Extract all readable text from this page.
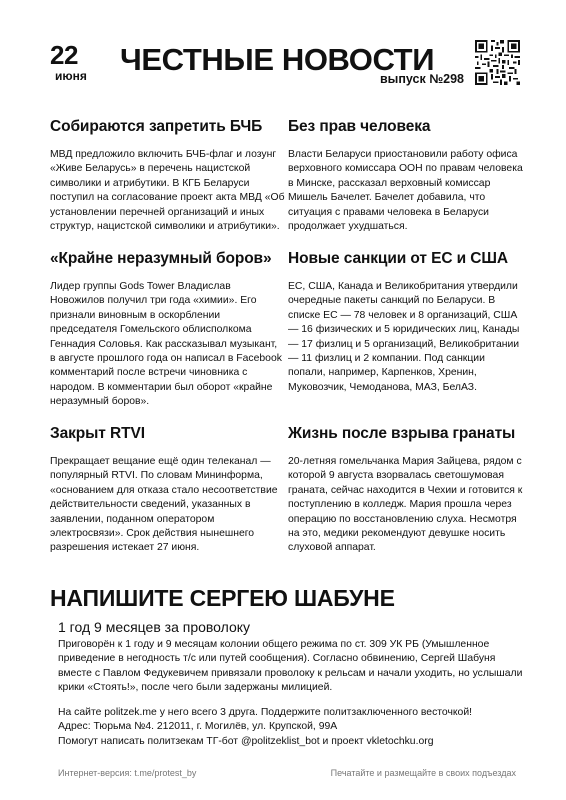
22
июня ЧЕСТНЫЕ НОВОСТИ
выпуск №298
Собираются запретить БЧБ

МВД предложило включить БЧБ-флаг и лозунг «Живе Беларусь» в перечень нацистской символики и атрибутики. В КГБ Беларуси поступил на согласование проект акта МВД «Об установлении перечней организаций и иных структур, нацистской символики и атрибутики».

Без прав человека

Власти Беларуси приостановили работу офиса верховного комиссара ООН по правам человека в Минске, рассказал верховный комиссар Мишель Бачелет. Бачелет добавила, что ситуация с правами человека в Беларуси продолжает ухудшаться.

«Крайне неразумный боров»

Лидер группы Gods Tower Владислав Новожилов получил три года «химии». Его признали виновным в оскорблении председателя Гомельского облисполкома Геннадия Соловья. Как рассказывал музыкант, в августе прошлого года он написал в Facebook комментарий после встречи чиновника с народом. В комментарии был оборот «крайне неразумный боров».

Новые санкции от ЕС и США

ЕС, США, Канада и Великобритания утвердили очередные пакеты санкций по Беларуси. В списке ЕС — 78 человек и 8 организаций, США — 16 физических и 5 юридических лиц, Канады — 17 физлиц и 5 организаций, Великобритании — 11 физлиц и 2 компании. Под санкции попали, например, Карпенков, Хренин, Муковозчик, Чемоданова, МАЗ, БелАЗ.

Закрыт RTVI

Прекращает вещание ещё один телеканал — популярный RTVI. По словам Мининформа, «основанием для отказа стало несоответствие действительности сведений, указанных в заявлении, поданном оператором электросвязи». Срок действия нынешнего разрешения истекает 27 июня.

Жизнь после взрыва гранаты

20-летняя гомельчанка Мария Зайцева, рядом с которой 9 августа взорвалась светошумовая граната, сейчас находится в Чехии и готовится к поступлению в колледж. Мария прошла через операцию по восстановлению слуха. Несмотря на это, медики рекомендуют девушке носить слуховой аппарат.

НАПИШИТЕ СЕРГЕЮ ШАБУНЕ
1 год 9 месяцев за проволоку
Приговорён к 1 году и 9 месяцам колонии общего режима по ст. 309 УК РБ (Умышленное приведение в негодность т/с или путей сообщения). Согласно обвинению, Сергей Шабуня вместе с Павлом Федукевичем привязали проволоку к рельсам и начали уходить, но услышали крики «Стоять!», после чего были задержаны милицией.
На сайте politzek.me у него всего 3 друга. Поддержите политзаключенного весточкой!
Адрес: Тюрьма №4. 212011, г. Могилёв, ул. Крупской, 99А
Помогут написать политзекам ТГ-бот @politzeklist_bot и проект vkletochku.org
Интернет-версия: t.me/protest_by	Печатайте и размещайте в своих подъездах
